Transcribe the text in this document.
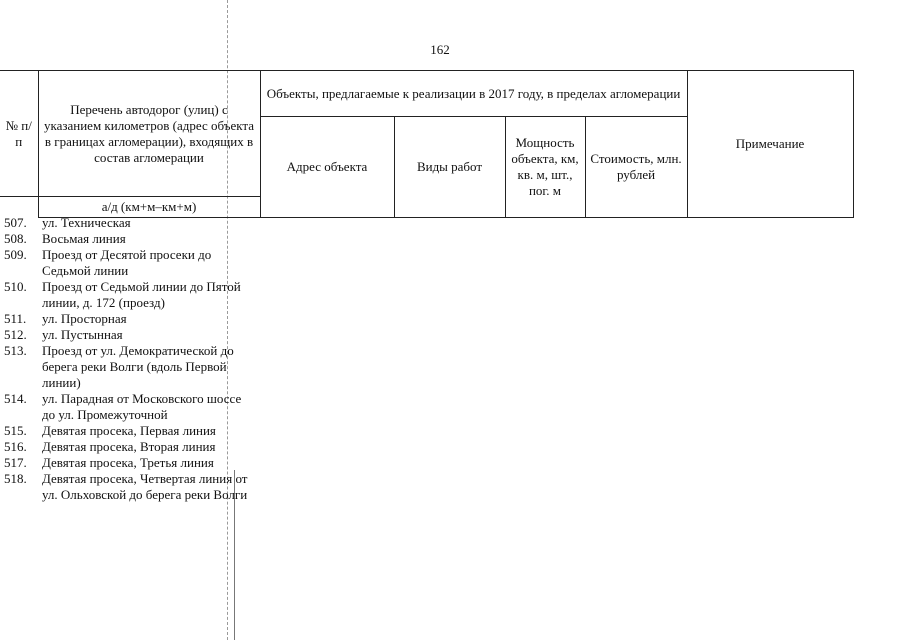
162
№ п/п	Перечень автодорог (улиц) с указанием километров (адрес объекта в границах агломерации), входящих в состав агломерации	Объекты, предлагаемые к реализации в 2017 году, в пределах агломерации				Примечание
		Адрес объекта	Виды работ	Мощность объекта, км, кв. м, шт., пог. м	Стоимость, млн. рублей	
	а/д (км+м–км+м)					
507.	ул. Техническая
508.	Восьмая линия
509.	Проезд от Десятой просеки до Седьмой линии
510.	Проезд от Седьмой линии до Пятой линии, д. 172 (проезд)
511.	ул. Просторная
512.	ул. Пустынная
513.	Проезд от ул. Демократической до берега реки Волги (вдоль Первой линии)
514.	ул. Парадная от Московского шоссе до ул. Промежуточной
515.	Девятая просека, Первая линия
516.	Девятая просека, Вторая линия
517.	Девятая просека, Третья линия
518.	Девятая просека, Четвертая линия от ул. Ольховской до берега реки Волги
